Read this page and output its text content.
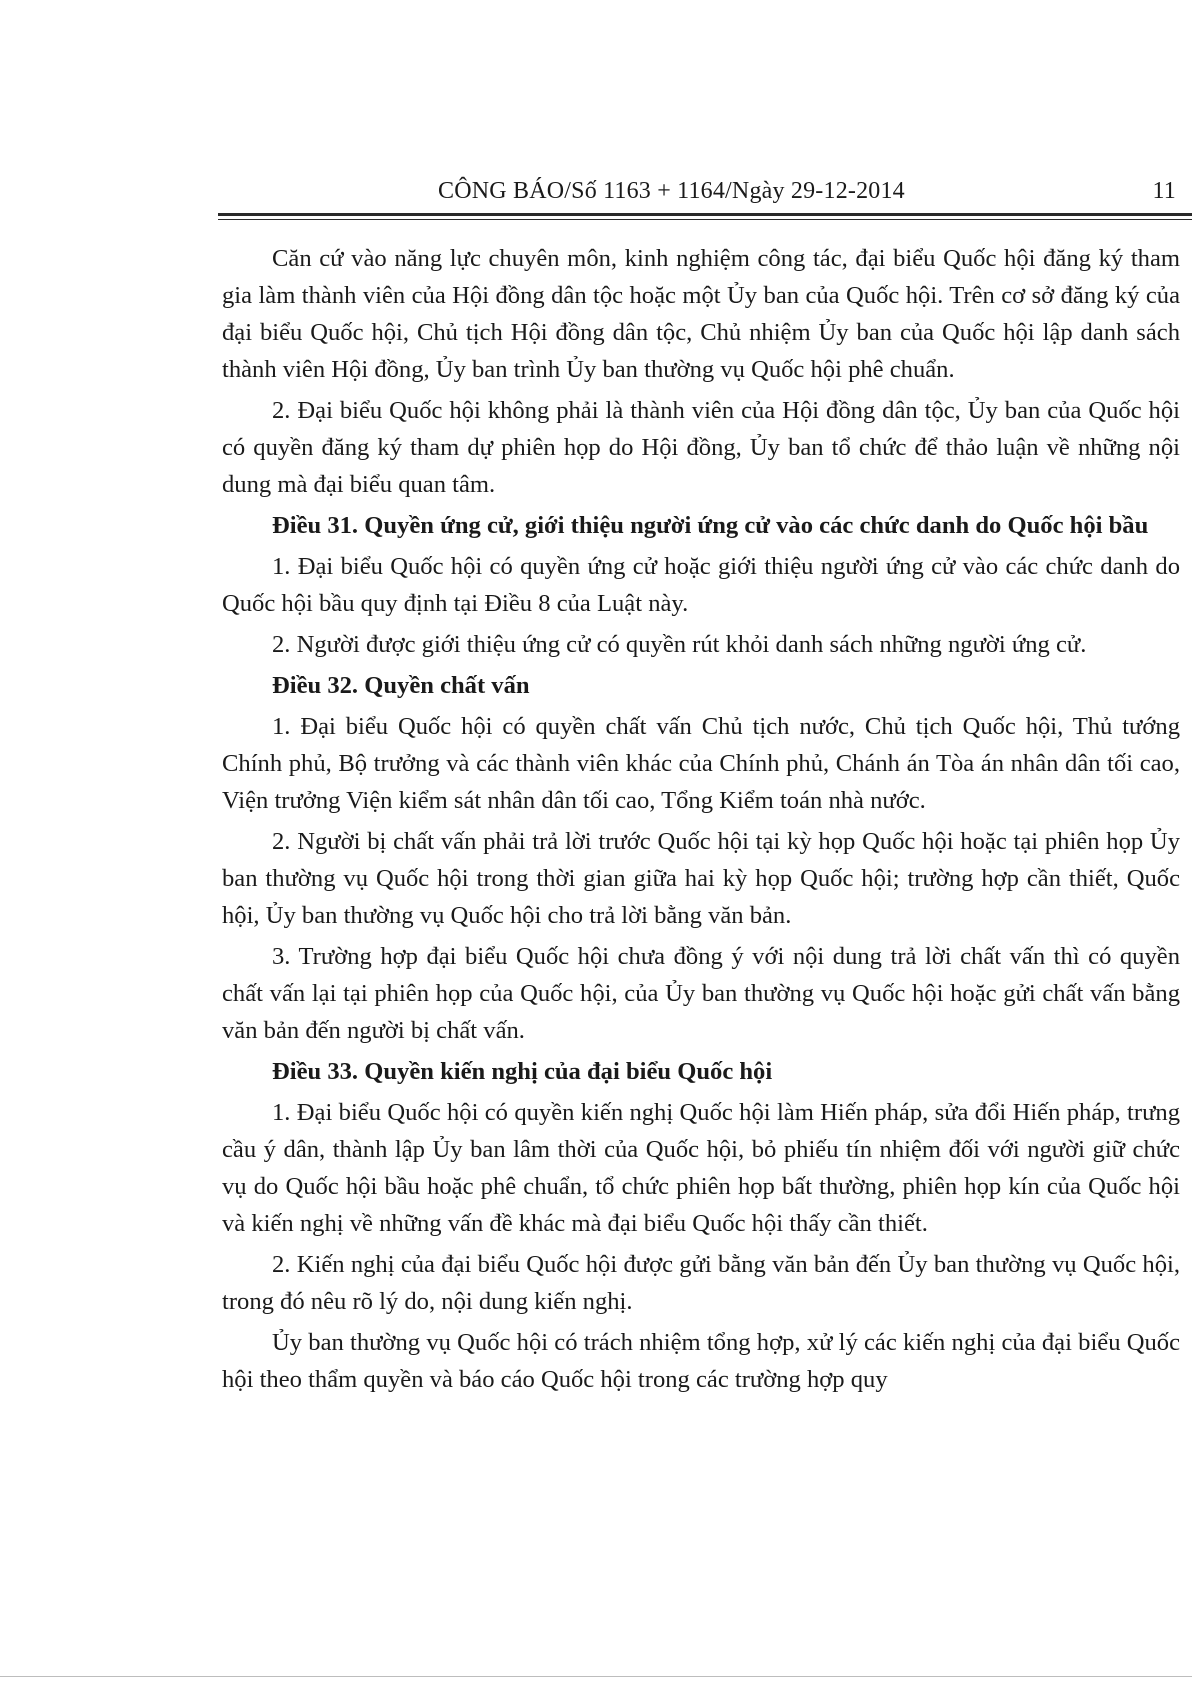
CÔNG BÁO/Số 1163 + 1164/Ngày 29-12-2014	11

Căn cứ vào năng lực chuyên môn, kinh nghiệm công tác, đại biểu Quốc hội đăng ký tham gia làm thành viên của Hội đồng dân tộc hoặc một Ủy ban của Quốc hội. Trên cơ sở đăng ký của đại biểu Quốc hội, Chủ tịch Hội đồng dân tộc, Chủ nhiệm Ủy ban của Quốc hội lập danh sách thành viên Hội đồng, Ủy ban trình Ủy ban thường vụ Quốc hội phê chuẩn.

2. Đại biểu Quốc hội không phải là thành viên của Hội đồng dân tộc, Ủy ban của Quốc hội có quyền đăng ký tham dự phiên họp do Hội đồng, Ủy ban tổ chức để thảo luận về những nội dung mà đại biểu quan tâm.

Điều 31. Quyền ứng cử, giới thiệu người ứng cử vào các chức danh do Quốc hội bầu

1. Đại biểu Quốc hội có quyền ứng cử hoặc giới thiệu người ứng cử vào các chức danh do Quốc hội bầu quy định tại Điều 8 của Luật này.

2. Người được giới thiệu ứng cử có quyền rút khỏi danh sách những người ứng cử.

Điều 32. Quyền chất vấn

1. Đại biểu Quốc hội có quyền chất vấn Chủ tịch nước, Chủ tịch Quốc hội, Thủ tướng Chính phủ, Bộ trưởng và các thành viên khác của Chính phủ, Chánh án Tòa án nhân dân tối cao, Viện trưởng Viện kiểm sát nhân dân tối cao, Tổng Kiểm toán nhà nước.

2. Người bị chất vấn phải trả lời trước Quốc hội tại kỳ họp Quốc hội hoặc tại phiên họp Ủy ban thường vụ Quốc hội trong thời gian giữa hai kỳ họp Quốc hội; trường hợp cần thiết, Quốc hội, Ủy ban thường vụ Quốc hội cho trả lời bằng văn bản.

3. Trường hợp đại biểu Quốc hội chưa đồng ý với nội dung trả lời chất vấn thì có quyền chất vấn lại tại phiên họp của Quốc hội, của Ủy ban thường vụ Quốc hội hoặc gửi chất vấn bằng văn bản đến người bị chất vấn.

Điều 33. Quyền kiến nghị của đại biểu Quốc hội

1. Đại biểu Quốc hội có quyền kiến nghị Quốc hội làm Hiến pháp, sửa đổi Hiến pháp, trưng cầu ý dân, thành lập Ủy ban lâm thời của Quốc hội, bỏ phiếu tín nhiệm đối với người giữ chức vụ do Quốc hội bầu hoặc phê chuẩn, tổ chức phiên họp bất thường, phiên họp kín của Quốc hội và kiến nghị về những vấn đề khác mà đại biểu Quốc hội thấy cần thiết.

2. Kiến nghị của đại biểu Quốc hội được gửi bằng văn bản đến Ủy ban thường vụ Quốc hội, trong đó nêu rõ lý do, nội dung kiến nghị.

Ủy ban thường vụ Quốc hội có trách nhiệm tổng hợp, xử lý các kiến nghị của đại biểu Quốc hội theo thẩm quyền và báo cáo Quốc hội trong các trường hợp quy
